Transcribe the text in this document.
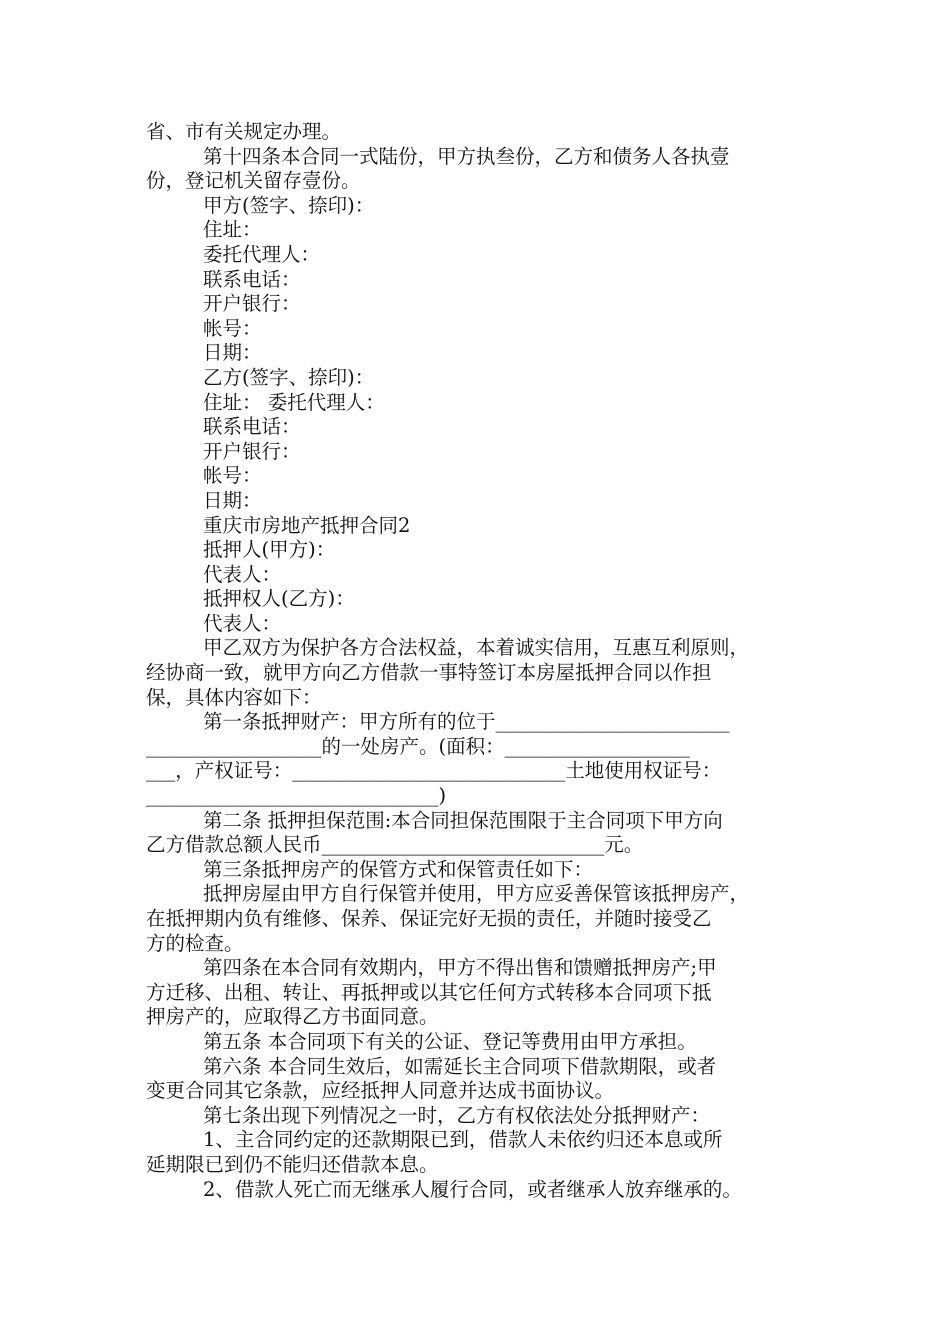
省、市有关规定办理。
第十四条本合同一式陆份，甲方执叁份，乙方和债务人各执壹
份，登记机关留存壹份。
甲方(签字、捺印)：
住址：
委托代理人：
联系电话：
开户银行：
帐号：
日期：
乙方(签字、捺印)：
住址： 委托代理人：
联系电话：
开户银行：
帐号：
日期：
重庆市房地产抵押合同2
抵押人(甲方)：
代表人：
抵押权人(乙方)：
代表人：
甲乙双方为保护各方合法权益，本着诚实信用，互惠互利原则，
经协商一致，就甲方向乙方借款一事特签订本房屋抵押合同以作担
保，具体内容如下：
第一条抵押财产：甲方所有的位于________________________
__________________的一处房产。(面积：___________________
___，产权证号：____________________________土地使用权证号：
______________________________)
第二条 抵押担保范围:本合同担保范围限于主合同项下甲方向
乙方借款总额人民币_____________________________元。
第三条抵押房产的保管方式和保管责任如下：
抵押房屋由甲方自行保管并使用，甲方应妥善保管该抵押房产，
在抵押期内负有维修、保养、保证完好无损的责任，并随时接受乙
方的检查。
第四条在本合同有效期内，甲方不得出售和馈赠抵押房产;甲
方迁移、出租、转让、再抵押或以其它任何方式转移本合同项下抵
押房产的，应取得乙方书面同意。
第五条 本合同项下有关的公证、登记等费用由甲方承担。
第六条 本合同生效后，如需延长主合同项下借款期限，或者
变更合同其它条款，应经抵押人同意并达成书面协议。
第七条出现下列情况之一时，乙方有权依法处分抵押财产：
1、主合同约定的还款期限已到，借款人未依约归还本息或所
延期限已到仍不能归还借款本息。
2、借款人死亡而无继承人履行合同，或者继承人放弃继承的。
